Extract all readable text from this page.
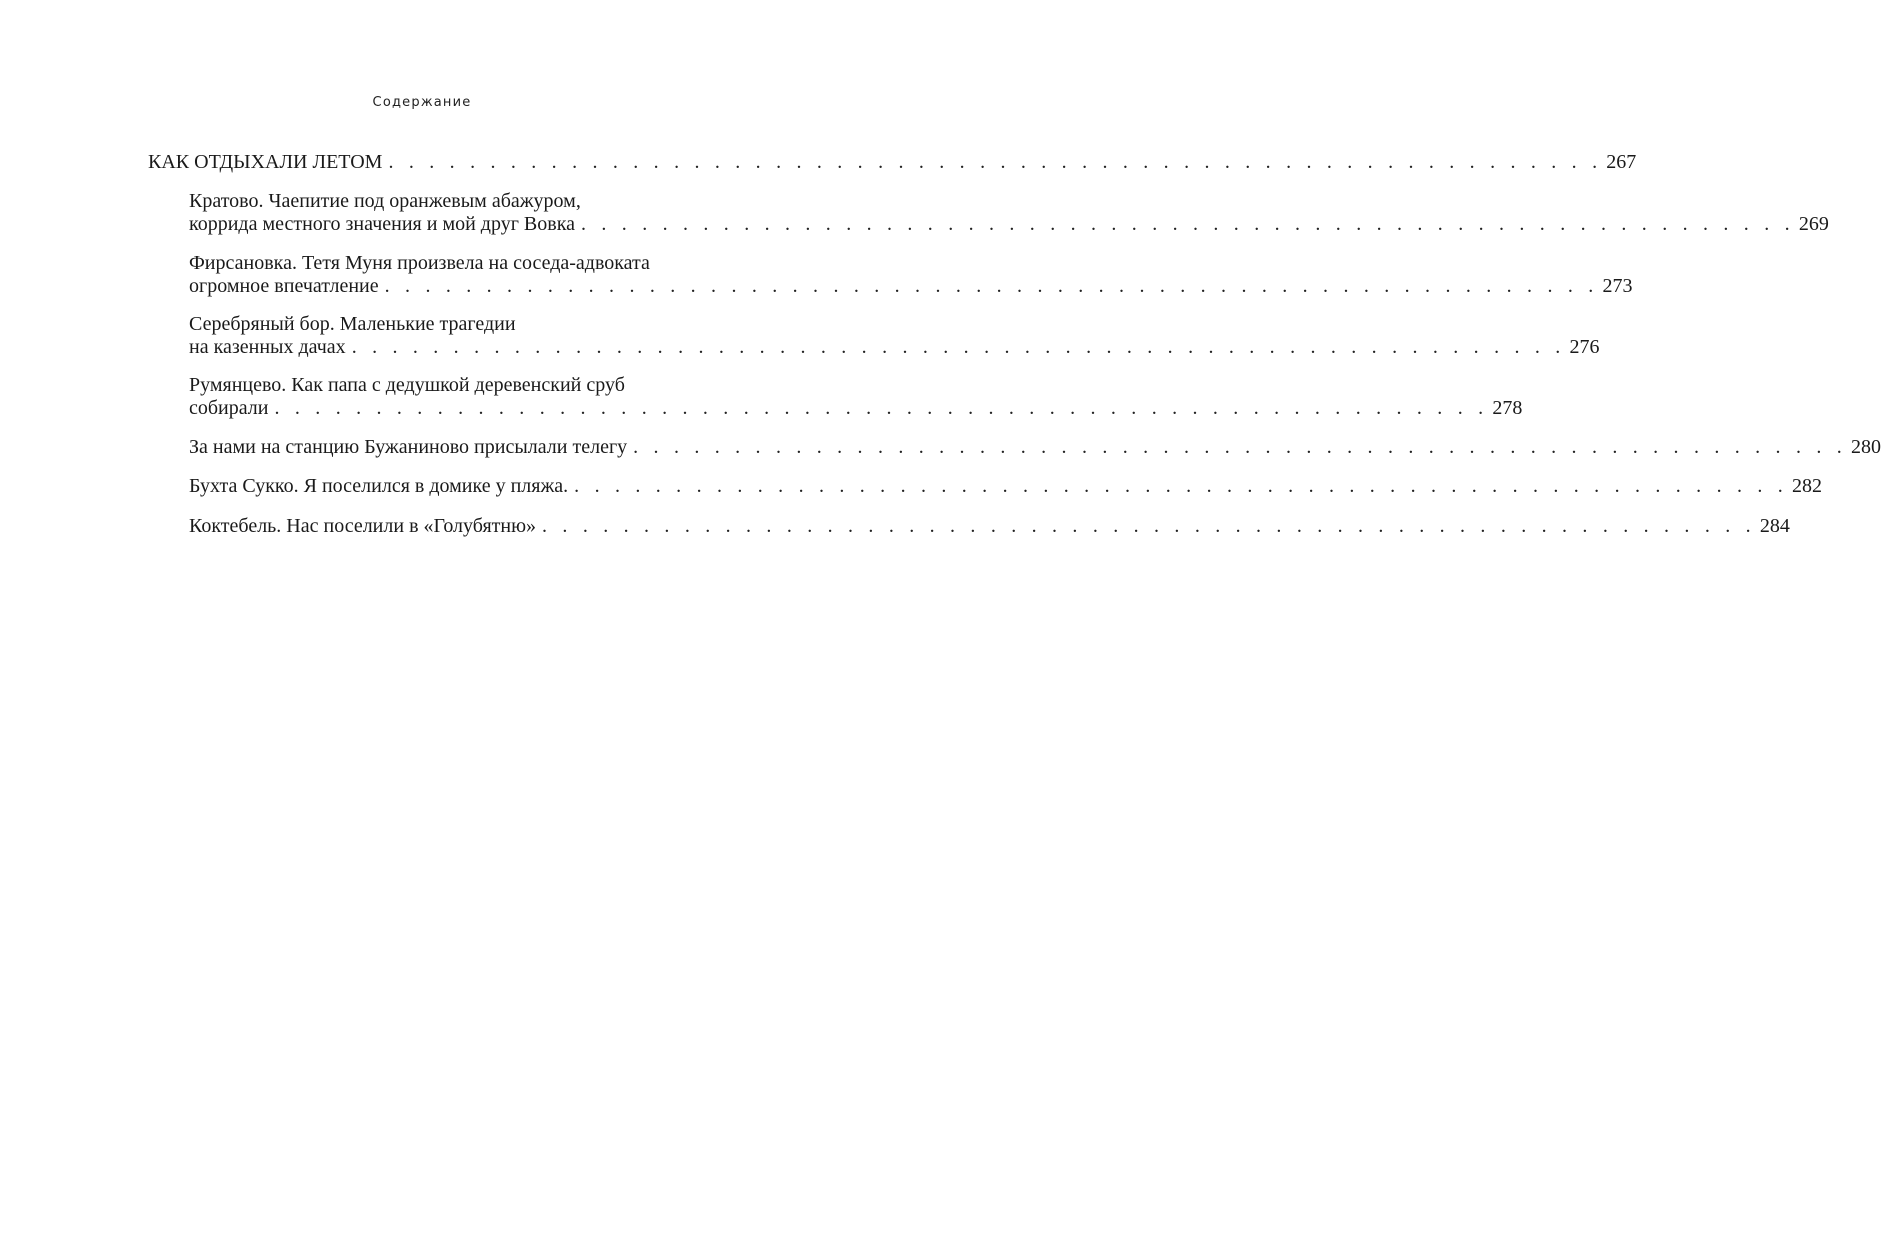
Содержание
КАК ОТДЫХАЛИ ЛЕТОМ . . . . . . . . . . . . . . . . . . . . . . . . . . . . . . . . . . . . . . . . . . . . . . . . . . . . . . . . . . . . 267
Кратово. Чаепитие под оранжевым абажуром,
коррида местного значения и мой друг Вовка . . . . . . . . . . . . . . . . . . . . . . . . . . . . . . . . . . . . . . . . . . . . . . . . . . . . . . . . . . . . 269
Фирсановка. Тетя Муня произвела на соседа-адвоката
огромное впечатление . . . . . . . . . . . . . . . . . . . . . . . . . . . . . . . . . . . . . . . . . . . . . . . . . . . . . . . . . . . . 273
Серебряный бор. Маленькие трагедии
на казенных дачах . . . . . . . . . . . . . . . . . . . . . . . . . . . . . . . . . . . . . . . . . . . . . . . . . . . . . . . . . . . . 276
Румянцево. Как папа с дедушкой деревенский сруб
собирали . . . . . . . . . . . . . . . . . . . . . . . . . . . . . . . . . . . . . . . . . . . . . . . . . . . . . . . . . . . . 278
За нами на станцию Бужаниново присылали телегу . . . . . . . . . . . . . . . . . . . . . . . . . . . . . . . . . . . . . . . . . . . . . . . . . . . . . . . . . . . . 280
Бухта Сукко. Я поселился в домике у пляжа. . . . . . . . . . . . . . . . . . . . . . . . . . . . . . . . . . . . . . . . . . . . . . . . . . . . . . . . . . . . . 282
Коктебель. Нас поселили в «Голубятню» . . . . . . . . . . . . . . . . . . . . . . . . . . . . . . . . . . . . . . . . . . . . . . . . . . . . . . . . . . . . 284
